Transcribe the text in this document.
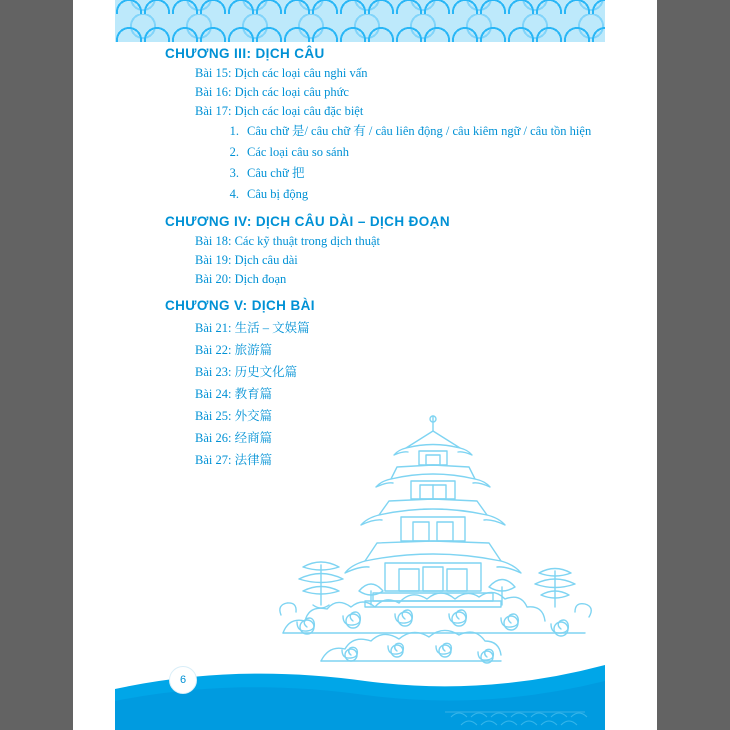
CHƯƠNG III: DỊCH CÂU
Bài 15: Dịch các loại câu nghi vấn
Bài 16: Dịch các loại câu phức
Bài 17: Dịch các loại câu đặc biệt
1. Câu chữ 是/ câu chữ 有 / câu liên động / câu kiêm ngữ / câu tồn hiện
2. Các loại câu so sánh
3. Câu chữ 把
4. Câu bị động
CHƯƠNG IV: DỊCH CÂU DÀI – DỊCH ĐOẠN
Bài 18: Các kỹ thuật trong dịch thuật
Bài 19: Dịch câu dài
Bài 20: Dịch đoạn
CHƯƠNG V: DỊCH BÀI
Bài 21: 生活 – 文娱篇
Bài 22: 旅游篇
Bài 23: 历史文化篇
Bài 24: 教育篇
Bài 25: 外交篇
Bài 26: 经商篇
Bài 27: 法律篇
6
